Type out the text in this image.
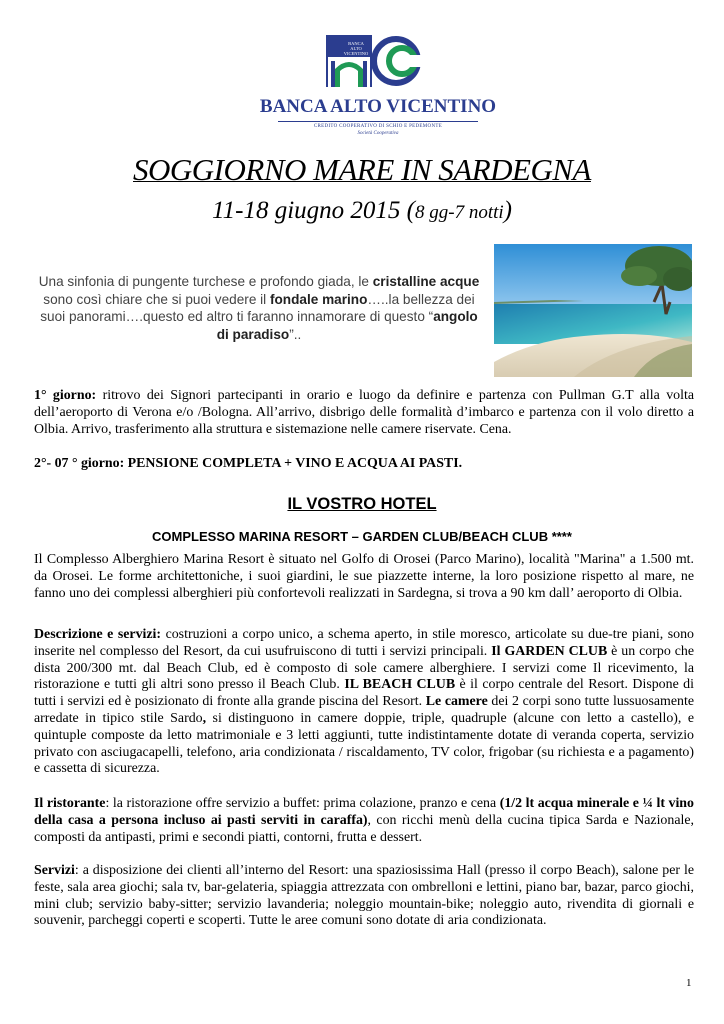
BANCA
ALTO VICENTINO
BANCA ALTO VICENTINO
CREDITO COOPERATIVO DI SCHIO E PEDEMONTE
Società Cooperativa
SOGGIORNO MARE IN SARDEGNA
11-18 giugno 2015 (8 gg-7 notti)
Una sinfonia di pungente turchese e profondo giada, le cristalline acque sono così chiare che si puoi vedere il fondale marino…..la bellezza dei suoi panorami….questo ed altro ti faranno innamorare di questo “angolo di paradiso”..
1° giorno: ritrovo dei Signori partecipanti in orario e luogo da definire e partenza con Pullman G.T alla volta dell’aeroporto di Verona e/o /Bologna. All’arrivo, disbrigo delle formalità d’imbarco e partenza con il volo diretto a Olbia. Arrivo, trasferimento alla struttura e sistemazione nelle camere riservate. Cena.
2°- 07 ° giorno: PENSIONE COMPLETA + VINO E ACQUA AI PASTI.
IL VOSTRO HOTEL
COMPLESSO MARINA RESORT – GARDEN CLUB/BEACH CLUB ****
Il Complesso Alberghiero Marina Resort è situato nel Golfo di Orosei (Parco Marino), località "Marina" a 1.500 mt. da Orosei. Le forme architettoniche, i suoi giardini, le sue piazzette interne, la loro posizione rispetto al mare, ne fanno uno dei complessi alberghieri più confortevoli realizzati in Sardegna, si trova a 90 km dall’ aeroporto di Olbia.
Descrizione e servizi: costruzioni a corpo unico, a schema aperto, in stile moresco, articolate su due-tre piani, sono inserite nel complesso del Resort, da cui usufruiscono di tutti i servizi principali. Il GARDEN CLUB è un corpo che dista 200/300 mt. dal Beach Club, ed è composto di sole camere alberghiere. I servizi come Il ricevimento, la ristorazione e tutti gli altri sono presso il Beach Club. IL BEACH CLUB è il corpo centrale del Resort. Dispone di tutti i servizi ed è posizionato di fronte alla grande piscina del Resort. Le camere dei 2 corpi sono tutte lussuosamente arredate in tipico stile Sardo, si distinguono in camere doppie, triple, quadruple (alcune con letto a castello), e quintuple composte da letto matrimoniale e 3 letti aggiunti, tutte indistintamente dotate di veranda coperta, servizio privato con asciugacapelli, telefono, aria condizionata / riscaldamento, TV color, frigobar (su richiesta e a pagamento) e cassetta di sicurezza.
Il ristorante: la ristorazione offre servizio a buffet: prima colazione, pranzo e cena (1/2 lt acqua minerale e ¼ lt vino della casa a persona incluso ai pasti serviti in caraffa), con ricchi menù della cucina tipica Sarda e Nazionale, composti da antipasti, primi e secondi piatti, contorni, frutta e dessert.
Servizi: a disposizione dei clienti all’interno del Resort: una spaziosissima Hall (presso il corpo Beach), salone per le feste, sala area giochi; sala tv, bar-gelateria, spiaggia attrezzata con ombrelloni e lettini, piano bar, bazar, parco giochi, mini club; servizio baby-sitter; servizio lavanderia; noleggio mountain-bike; noleggio auto, rivendita di giornali e souvenir, parcheggi coperti e scoperti. Tutte le aree comuni sono dotate di aria condizionata.
1
